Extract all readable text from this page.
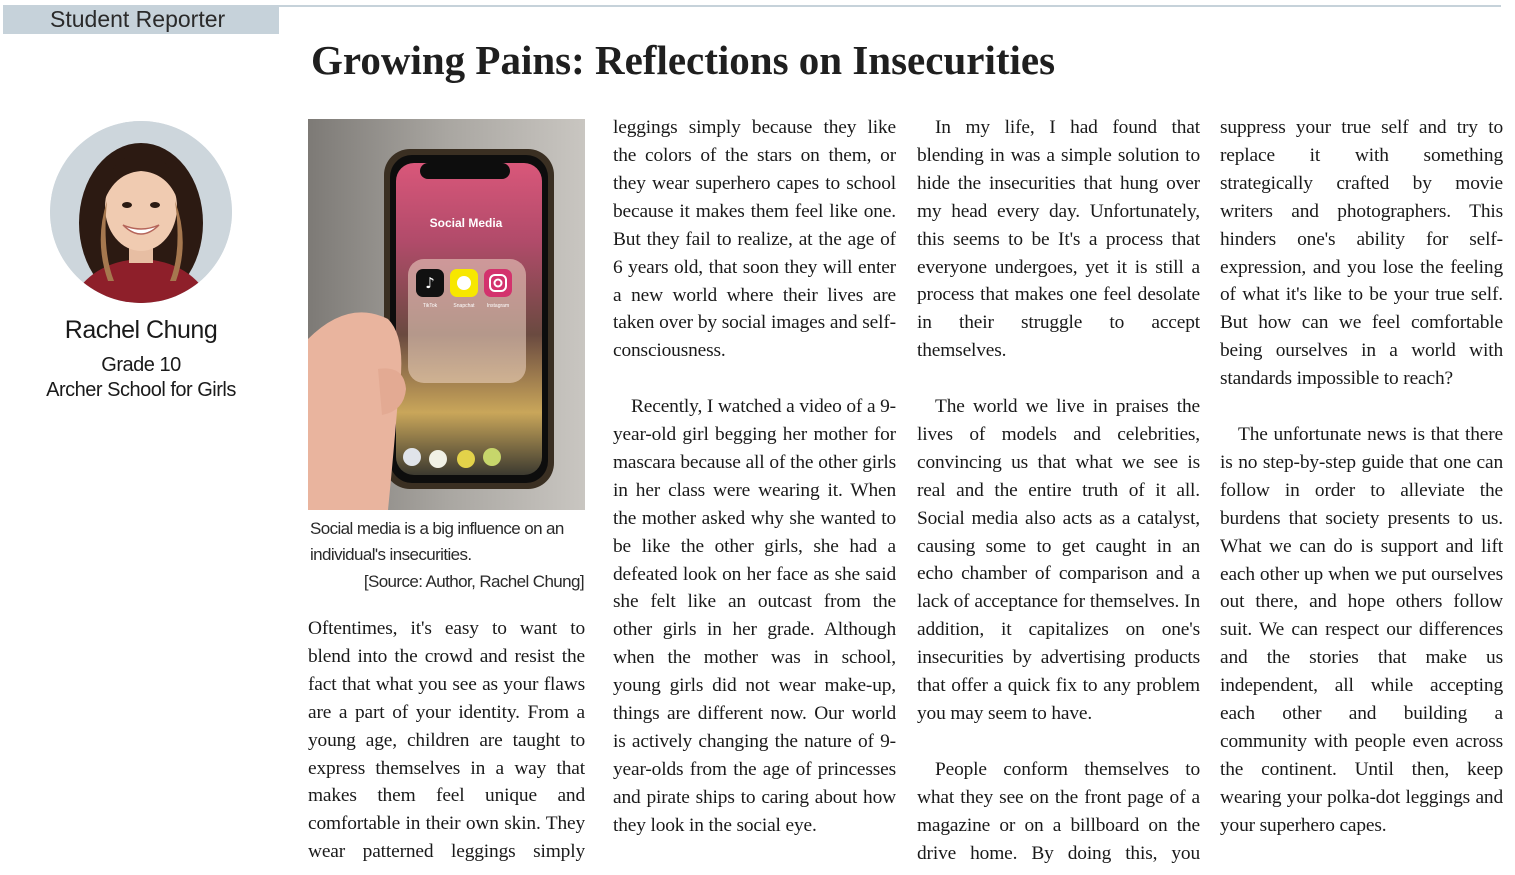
Student Reporter
Growing Pains: Reflections on Insecurities
Rachel Chung
Grade 10
Archer School for Girls
Social Media
♪
TikTok	Snapchat Instagram
Social media is a big influence on an individual's insecurities.
[Source: Author, Rachel Chung]

Oftentimes, it's easy to want to blend into the crowd and resist the fact that what you see as your flaws are a part of your identity. From a young age, children are taught to express themselves in a way that makes them feel unique and comfortable in their own skin. They wear patterned leggings simply

leggings simply because they like the colors of the stars on them, or they wear superhero capes to school because it makes them feel like one. But they fail to realize, at the age of 6 years old, that soon they will enter a new world where their lives are taken over by social images and self-consciousness.

Recently, I watched a video of a 9-year-old girl begging her mother for mascara because all of the other girls in her class were wearing it. When the mother asked why she wanted to be like the other girls, she had a defeated look on her face as she said she felt like an outcast from the other girls in her grade. Although when the mother was in school, young girls did not wear make-up, things are different now. Our world is actively changing the nature of 9-year-olds from the age of princesses and pirate ships to caring about how they look in the social eye.

In my life, I had found that blending in was a simple solution to hide the insecurities that hung over my head every day. Unfortunately, this seems to be It's a process that everyone undergoes, yet it is still a process that makes one feel desolate in their struggle to accept themselves.

The world we live in praises the lives of models and celebrities, convincing us that what we see is real and the entire truth of it all. Social media also acts as a catalyst, causing some to get caught in an echo chamber of comparison and a lack of acceptance for themselves. In addition, it capitalizes on one's insecurities by advertising products that offer a quick fix to any problem you may seem to have.

People conform themselves to what they see on the front page of a magazine or on a billboard on the drive home. By doing this, you

suppress your true self and try to replace it with something strategically crafted by movie writers and photographers. This hinders one's ability for self-expression, and you lose the feeling of what it's like to be your true self. But how can we feel comfortable being ourselves in a world with standards impossible to reach?

The unfortunate news is that there is no step-by-step guide that one can follow in order to alleviate the burdens that society presents to us. What we can do is support and lift each other up when we put ourselves out there, and hope others follow suit. We can respect our differences and the stories that make us independent, all while accepting each other and building a community with people even across the continent. Until then, keep wearing your polka-dot leggings and your superhero capes.
